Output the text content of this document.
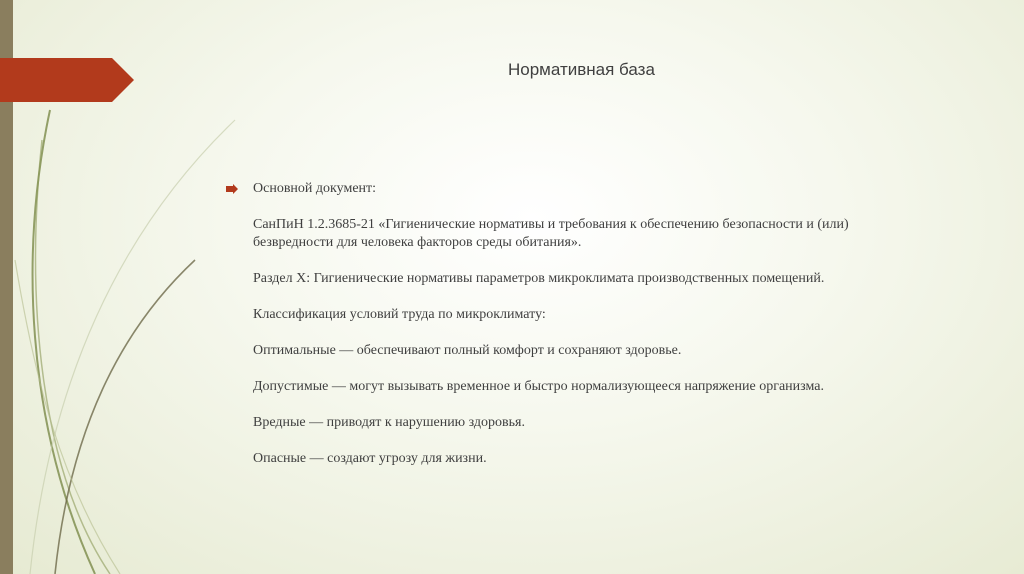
Нормативная база

Основной документ:

СанПиН 1.2.3685-21 «Гигиенические нормативы и требования к обеспечению безопасности и (или) безвредности для человека факторов среды обитания».

Раздел X: Гигиенические нормативы параметров микроклимата производственных помещений.

Классификация условий труда по микроклимату:

Оптимальные — обеспечивают полный комфорт и сохраняют здоровье.

Допустимые — могут вызывать временное и быстро нормализующееся напряжение организма.

Вредные — приводят к нарушению здоровья.

Опасные — создают угрозу для жизни.
